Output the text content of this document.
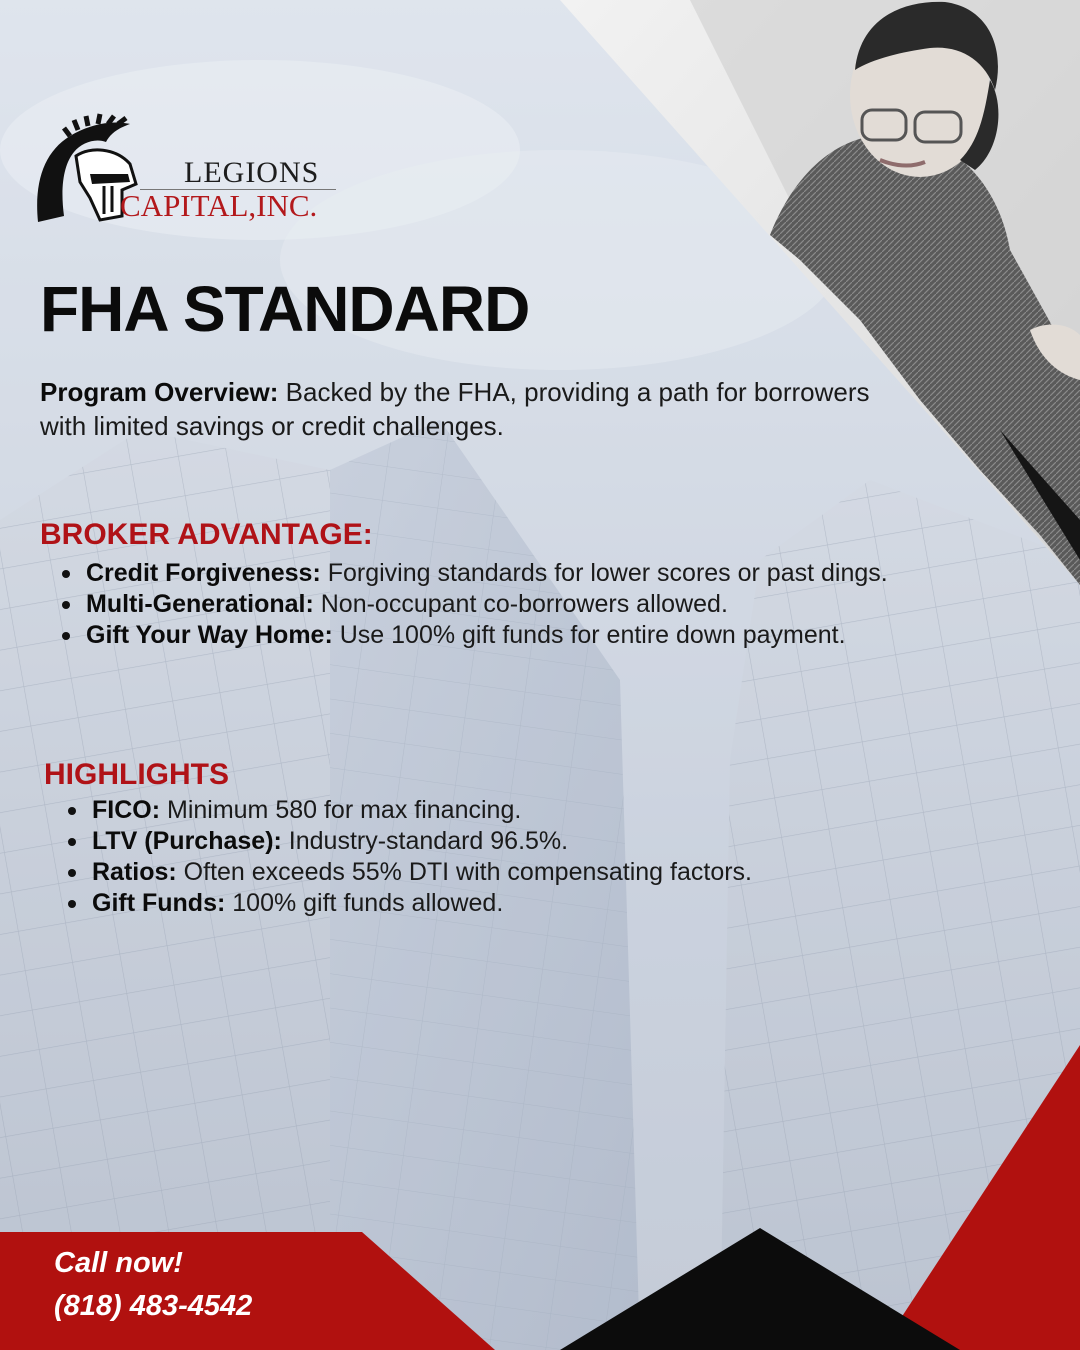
LEGIONS
CAPITAL,INC.
FHA STANDARD

Program Overview: Backed by the FHA, providing a path for borrowers with limited savings or credit challenges.

BROKER ADVANTAGE:
Credit Forgiveness: Forgiving standards for lower scores or past dings.
Multi-Generational: Non-occupant co-borrowers allowed.
Gift Your Way Home: Use 100% gift funds for entire down payment.
HIGHLIGHTS
FICO: Minimum 580 for max financing.
LTV (Purchase): Industry-standard 96.5%.
Ratios: Often exceeds 55% DTI with compensating factors.
Gift Funds: 100% gift funds allowed.
Call now!
(818) 483-4542
